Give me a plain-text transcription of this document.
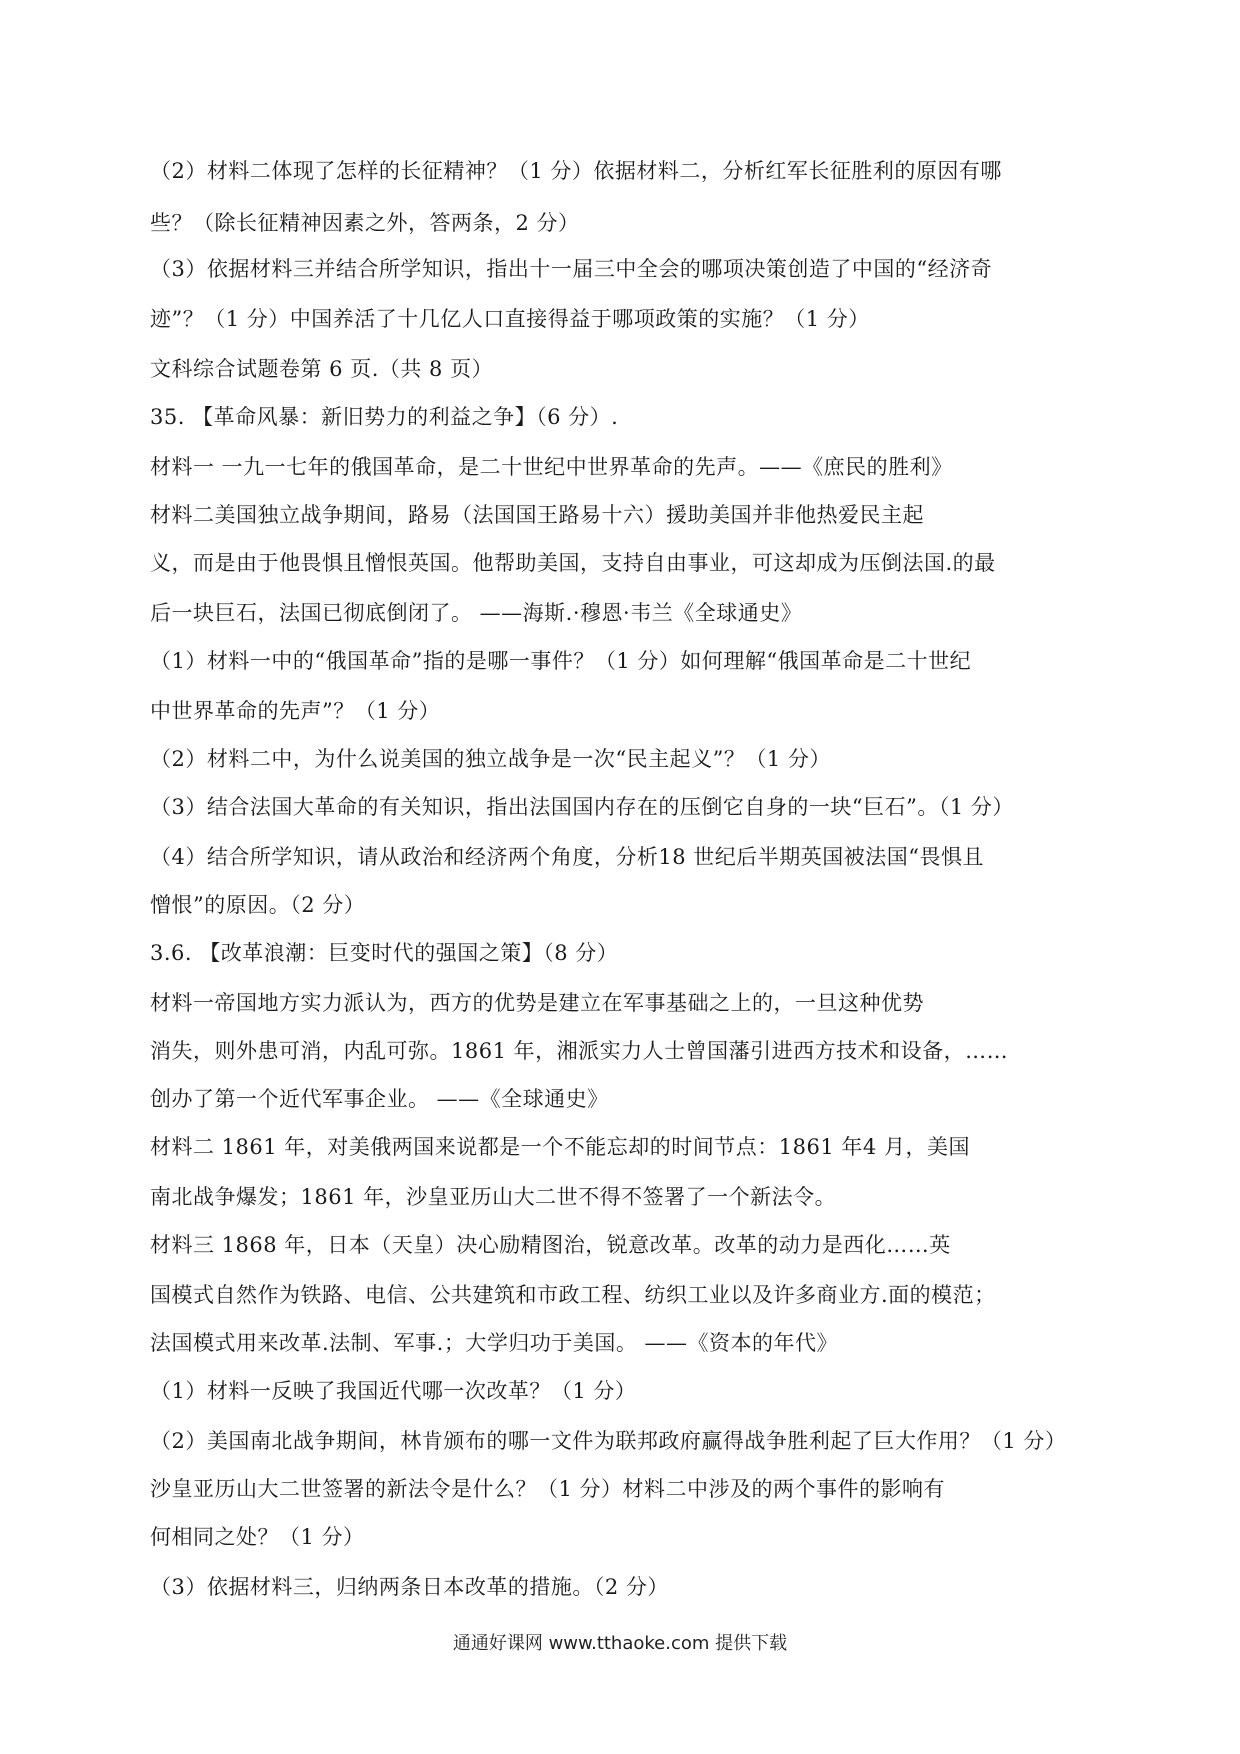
（2）材料二体现了怎样的长征精神？（1 分）依据材料二，分析红军长征胜利的原因有哪
些？（除长征精神因素之外，答两条，2 分）
（3）依据材料三并结合所学知识，指出十一届三中全会的哪项决策创造了中国的“经济奇
迹”？（1 分）中国养活了十几亿人口直接得益于哪项政策的实施？（1 分）
文科综合试题卷第 6 页.（共 8 页）
35. 【革命风暴：新旧势力的利益之争】（6 分）.
材料一 一九一七年的俄国革命，是二十世纪中世界革命的先声。——《庶民的胜利》
材料二美国独立战争期间，路易（法国国王路易十六）援助美国并非他热爱民主起
义，而是由于他畏惧且憎恨英国。他帮助美国，支持自由事业，可这却成为压倒法国.的最
后一块巨石，法国已彻底倒闭了。 ——海斯.·穆恩·韦兰《全球通史》
（1）材料一中的“俄国革命”指的是哪一事件？（1 分）如何理解“俄国革命是二十世纪
中世界革命的先声”？（1 分）
（2）材料二中，为什么说美国的独立战争是一次“民主起义”？（1 分）
（3）结合法国大革命的有关知识，指出法国国内存在的压倒它自身的一块“巨石”。（1 分）
（4）结合所学知识，请从政治和经济两个角度，分析18 世纪后半期英国被法国“畏惧且
憎恨”的原因。（2 分）
3.6. 【改革浪潮：巨变时代的强国之策】（8 分）
材料一帝国地方实力派认为，西方的优势是建立在军事基础之上的，一旦这种优势
消失，则外患可消，内乱可弥。1861 年，湘派实力人士曾国藩引进西方技术和设备，……
创办了第一个近代军事企业。 ——《全球通史》
材料二 1861 年，对美俄两国来说都是一个不能忘却的时间节点：1861 年4 月，美国
南北战争爆发；1861 年，沙皇亚历山大二世不得不签署了一个新法令。
材料三 1868 年，日本（天皇）决心励精图治，锐意改革。改革的动力是西化……英
国模式自然作为铁路、电信、公共建筑和市政工程、纺织工业以及许多商业方.面的模范；
法国模式用来改革.法制、军事.；大学归功于美国。 ——《资本的年代》
（1）材料一反映了我国近代哪一次改革？（1 分）
（2）美国南北战争期间，林肯颁布的哪一文件为联邦政府赢得战争胜利起了巨大作用？（1 分）
沙皇亚历山大二世签署的新法令是什么？（1 分）材料二中涉及的两个事件的影响有
何相同之处？（1 分）
（3）依据材料三，归纳两条日本改革的措施。（2 分）
通通好课网 www.tthaoke.com 提供下载
